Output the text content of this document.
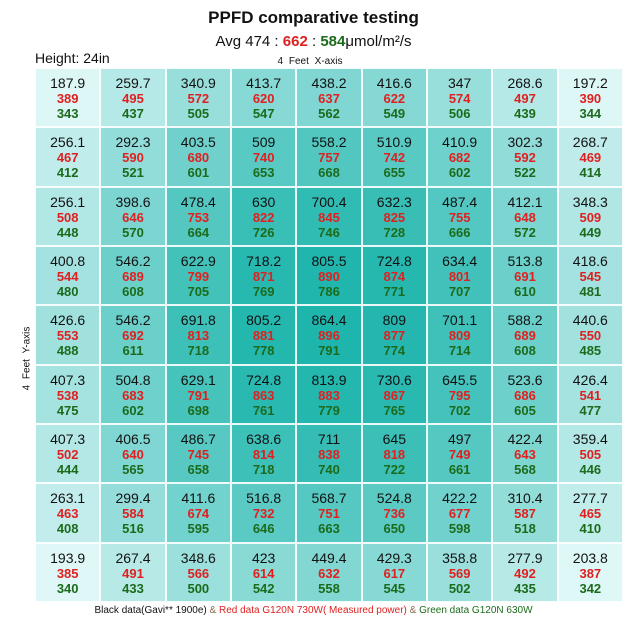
PPFD comparative testing
Avg 474 : 662 : 584μmol/m²/s
Height: 24in	4 Feet X-axis
4 Feet Y-axis
187.9
389
343
259.7
495
437
340.9
572
505
413.7
620
547
438.2
637
562
416.6
622
549
347
574
506
268.6
497
439
197.2
390
344
256.1
467
412
292.3
590
521
403.5
680
601
509
740
653
558.2
757
668
510.9
742
655
410.9
682
602
302.3
592
522
268.7
469
414
256.1
508
448
398.6
646
570
478.4
753
664
630
822
726
700.4
845
746
632.3
825
728
487.4
755
666
412.1
648
572
348.3
509
449
400.8
544
480
546.2
689
608
622.9
799
705
718.2
871
769
805.5
890
786
724.8
874
771
634.4
801
707
513.8
691
610
418.6
545
481
426.6
553
488
546.2
692
611
691.8
813
718
805.2
881
778
864.4
896
791
809
877
774
701.1
809
714
588.2
689
608
440.6
550
485
407.3
538
475
504.8
683
602
629.1
791
698
724.8
863
761
813.9
883
779
730.6
867
765
645.5
795
702
523.6
686
605
426.4
541
477
407.3
502
444
406.5
640
565
486.7
745
658
638.6
814
718
711
838
740
645
818
722
497
749
661
422.4
643
568
359.4
505
446
263.1
463
408
299.4
584
516
411.6
674
595
516.8
732
646
568.7
751
663
524.8
736
650
422.2
677
598
310.4
587
518
277.7
465
410
193.9
385
340
267.4
491
433
348.6
566
500
423
614
542
449.4
632
558
429.3
617
545
358.8
569
502
277.9
492
435
203.8
387
342
Black data(Gavi** 1900e) & Red data G120N 730W( Measured power) & Green data G120N 630W
